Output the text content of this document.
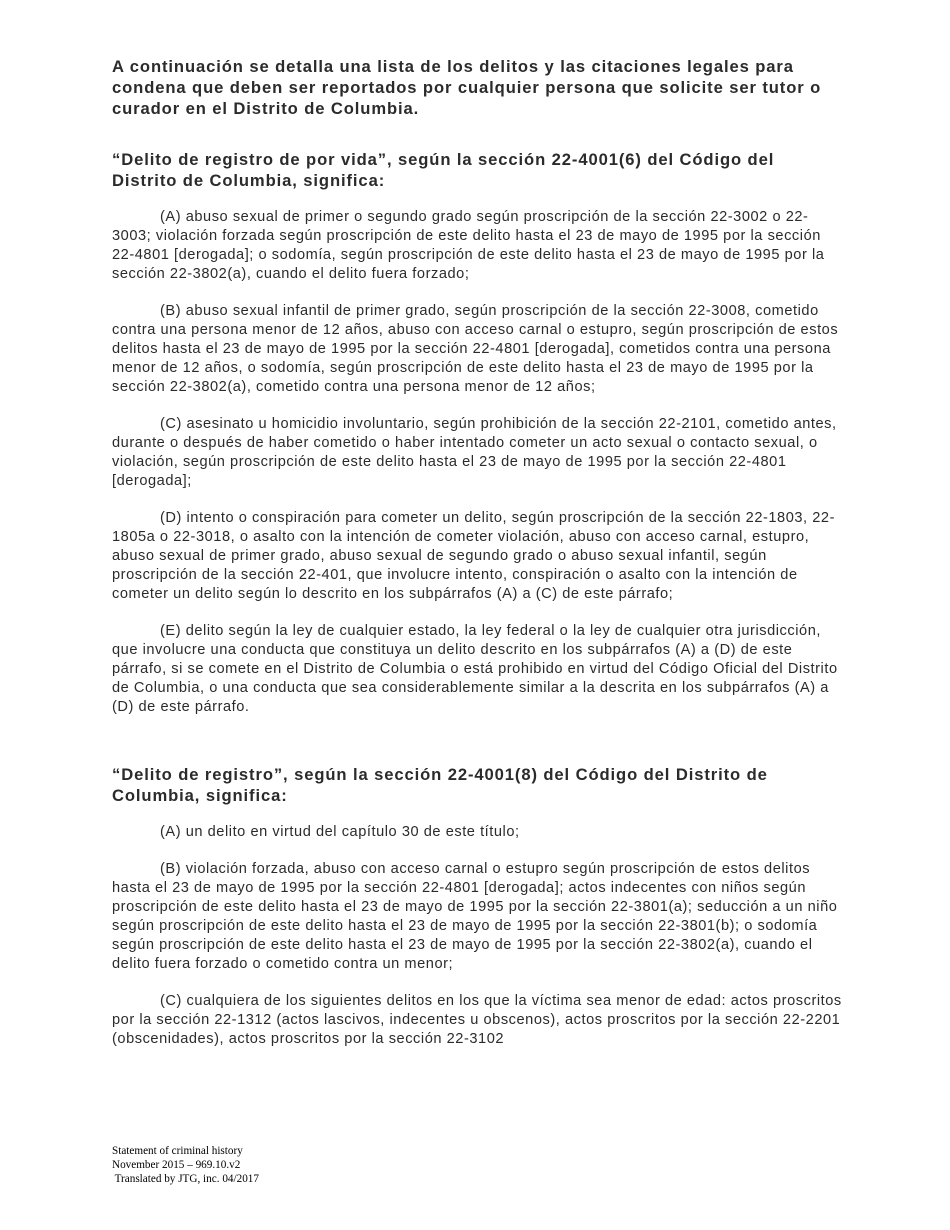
A continuación se detalla una lista de los delitos y las citaciones legales para condena que deben ser reportados por cualquier persona que solicite ser tutor o curador en el Distrito de Columbia.

“Delito de registro de por vida”, según la sección 22-4001(6) del Código del Distrito de Columbia, significa:

(A) abuso sexual de primer o segundo grado según proscripción de la sección 22-3002 o 22-3003; violación forzada según proscripción de este delito hasta el 23 de mayo de 1995 por la sección 22-4801 [derogada]; o sodomía, según proscripción de este delito hasta el 23 de mayo de 1995 por la sección 22-3802(a), cuando el delito fuera forzado;

(B) abuso sexual infantil de primer grado, según proscripción de la sección 22-3008, cometido contra una persona menor de 12 años, abuso con acceso carnal o estupro, según proscripción de estos delitos hasta el 23 de mayo de 1995 por la sección 22-4801 [derogada], cometidos contra una persona menor de 12 años, o sodomía, según proscripción de este delito hasta el 23 de mayo de 1995 por la sección 22-3802(a), cometido contra una persona menor de 12 años;

(C) asesinato u homicidio involuntario, según prohibición de la sección 22-2101, cometido antes, durante o después de haber cometido o haber intentado cometer un acto sexual o contacto sexual, o violación, según proscripción de este delito hasta el 23 de mayo de 1995 por la sección 22-4801 [derogada];

(D) intento o conspiración para cometer un delito, según proscripción de la sección 22-1803, 22-1805a o 22-3018, o asalto con la intención de cometer violación, abuso con acceso carnal, estupro, abuso sexual de primer grado, abuso sexual de segundo grado o abuso sexual infantil, según proscripción de la sección 22-401, que involucre intento, conspiración o asalto con la intención de cometer un delito según lo descrito en los subpárrafos (A) a (C) de este párrafo;

(E) delito según la ley de cualquier estado, la ley federal o la ley de cualquier otra jurisdicción, que involucre una conducta que constituya un delito descrito en los subpárrafos (A) a (D) de este párrafo, si se comete en el Distrito de Columbia o está prohibido en virtud del Código Oficial del Distrito de Columbia, o una conducta que sea considerablemente similar a la descrita en los subpárrafos (A) a (D) de este párrafo.

“Delito de registro”, según la sección 22-4001(8) del Código del Distrito de Columbia, significa:

(A) un delito en virtud del capítulo 30 de este título;

(B) violación forzada, abuso con acceso carnal o estupro según proscripción de estos delitos hasta el 23 de mayo de 1995 por la sección 22-4801 [derogada]; actos indecentes con niños según proscripción de este delito hasta el 23 de mayo de 1995 por la sección 22-3801(a); seducción a un niño según proscripción de este delito hasta el 23 de mayo de 1995 por la sección 22-3801(b); o sodomía según proscripción de este delito hasta el 23 de mayo de 1995 por la sección 22-3802(a), cuando el delito fuera forzado o cometido contra un menor;

(C) cualquiera de los siguientes delitos en los que la víctima sea menor de edad: actos proscritos por la sección 22-1312 (actos lascivos, indecentes u obscenos), actos proscritos por la sección 22-2201 (obscenidades), actos proscritos por la sección 22-3102

Statement of criminal history
November 2015 – 969.10.v2
Translated by JTG, inc. 04/2017
